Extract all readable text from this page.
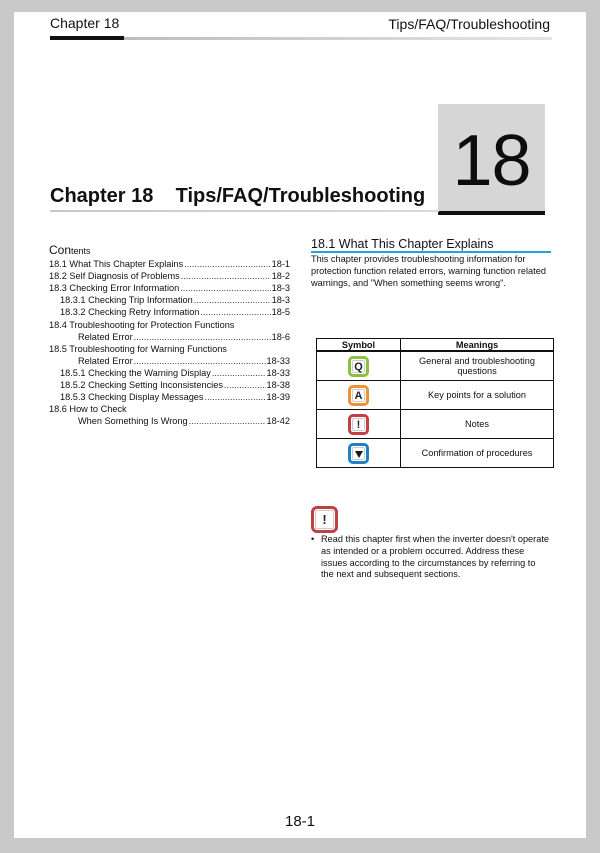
Chapter 18	Tips/FAQ/Troubleshooting
18
Chapter 18    Tips/FAQ/Troubleshooting
Contents
18.1 What This Chapter Explains .....	18-1
18.2 Self Diagnosis of Problems .....	18-2
18.3 Checking Error Information .....	18-3
18.3.1 Checking Trip Information .....	18-3
18.3.2 Checking Retry Information .....	18-5
18.4 Troubleshooting for Protection Functions
Related Error .....	18-6
18.5 Troubleshooting for Warning Functions
Related Error .....	18-33
18.5.1 Checking the Warning Display .....	18-33
18.5.2 Checking Setting Inconsistencies .....	18-38
18.5.3 Checking Display Messages .....	18-39
18.6 How to Check
When Something Is Wrong .....	18-42
18.1 What This Chapter Explains
This chapter provides troubleshooting information for protection function related errors, warning function related warnings, and "When something seems wrong".
Symbol	Meanings

Q	General and troubleshooting questions

A	Key points for a solution

!	Notes

	Confirmation of procedures
!
• Read this chapter first when the inverter doesn't operate as intended or a problem occurred. Address these issues according to the circumstances by referring to the next and subsequent sections.
18-1
